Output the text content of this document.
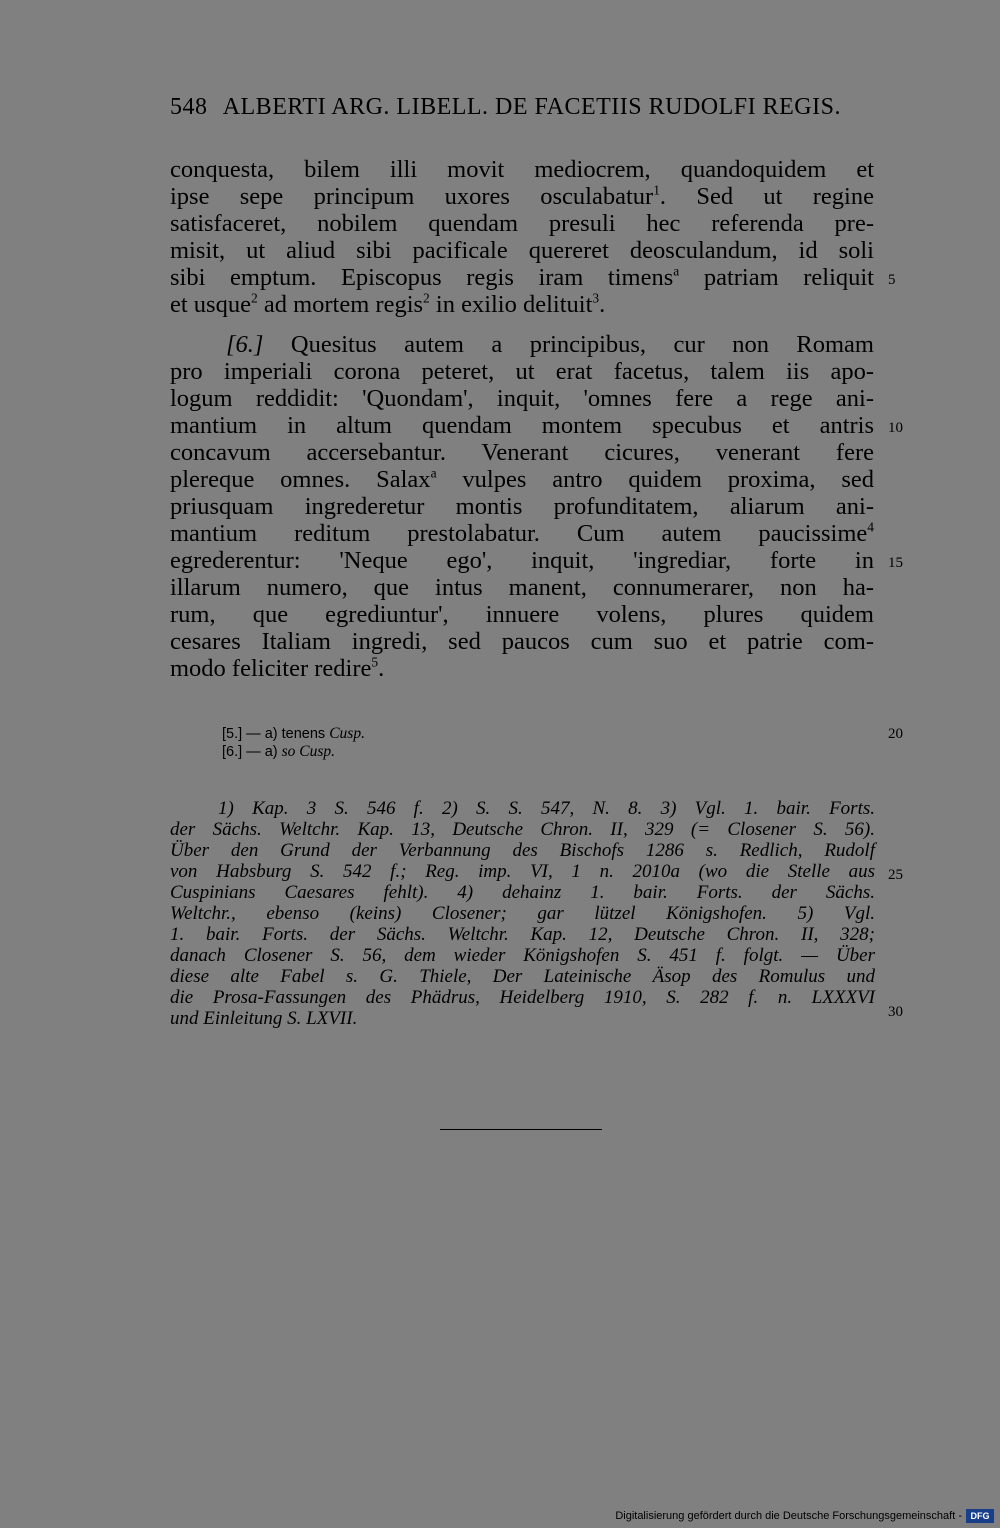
548 ALBERTI ARG. LIBELL. DE FACETIIS RUDOLFI REGIS.
conquesta, bilem illi movit mediocrem, quandoquidem et
ipse sepe principum uxores osculabatur$^1$. Sed ut regine
satisfaceret, nobilem quendam presuli hec referenda pre-
misit, ut aliud sibi pacificale quereret deosculandum, id soli
sibi emptum. Episcopus regis iram timens$^a$ patriam reliquit
et usque$^2$ ad mortem regis$^2$ in exilio delituit$^3$.
[6.] Quesitus autem a principibus, cur non Romam
pro imperiali corona peteret, ut erat facetus, talem iis apo-
logum reddidit: 'Quondam', inquit, 'omnes fere a rege ani-
mantium in altum quendam montem specubus et antris
concavum accersebantur. Venerant cicures, venerant fere
plereque omnes. Salax$^a$ vulpes antro quidem proxima, sed
priusquam ingrederetur montis profunditatem, aliarum ani-
mantium reditum prestolabatur. Cum autem paucissime$^4$
egrederentur: 'Neque ego', inquit, 'ingrediar, forte in
illarum numero, que intus manent, connumerarer, non ha-
rum, que egrediuntur', innuere volens, plures quidem
cesares Italiam ingredi, sed paucos cum suo et patrie com-
modo feliciter redire$^5$.
5
10
15
20
25
30
[5.] — a) tenens Cusp.
[6.] — a) so Cusp.
1) Kap. 3 S. 546 f. 2) S. S. 547, N. 8. 3) Vgl. 1. bair. Forts.
der Sächs. Weltchr. Kap. 13, Deutsche Chron. II, 329 (= Closener S. 56).
Über den Grund der Verbannung des Bischofs 1286 s. Redlich, Rudolf
von Habsburg S. 542 f.; Reg. imp. VI, 1 n. 2010a (wo die Stelle aus
Cuspinians Caesares fehlt). 4) dehainz 1. bair. Forts. der Sächs.
Weltchr., ebenso (keins) Closener; gar lützel Königshofen. 5) Vgl.
1. bair. Forts. der Sächs. Weltchr. Kap. 12, Deutsche Chron. II, 328;
danach Closener S. 56, dem wieder Königshofen S. 451 f. folgt. — Über
diese alte Fabel s. G. Thiele, Der Lateinische Äsop des Romulus und
die Prosa-Fassungen des Phädrus, Heidelberg 1910, S. 282 f. n. LXXXVI
und Einleitung S. LXVII.
Digitalisierung gefördert durch die Deutsche Forschungsgemeinschaft - DFG
